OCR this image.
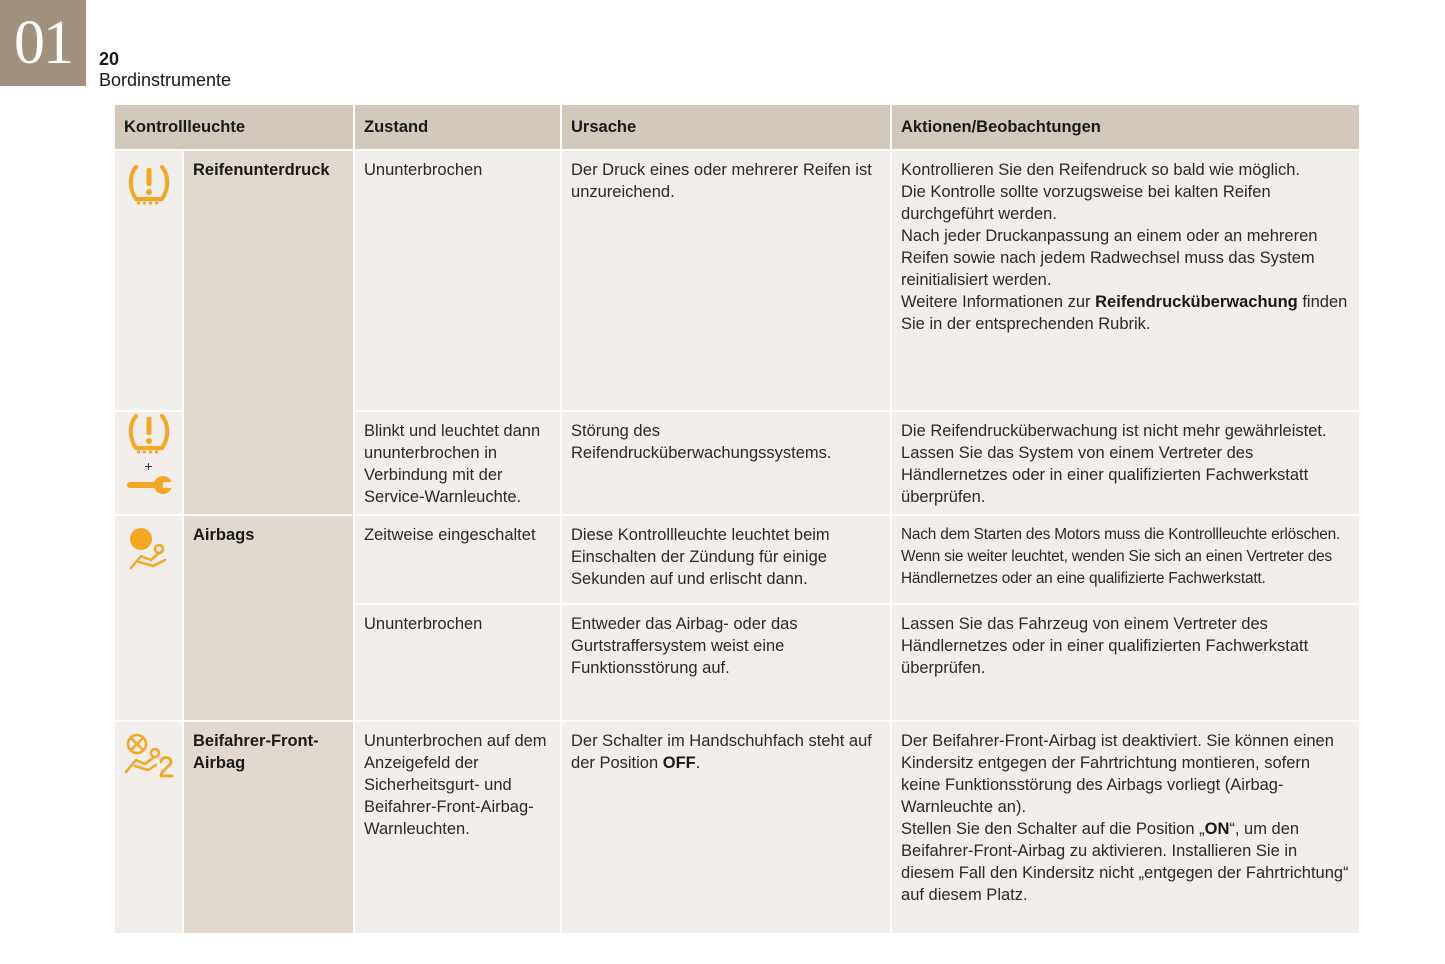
01 20
Bordinstrumente
Kontrollleuchte		Zustand	Ursache	Aktionen/Beobachtungen

	Reifenunterdruck	Ununterbrochen	Der Druck eines oder mehrerer Reifen ist unzureichend.	Kontrollieren Sie den Reifendruck so bald wie möglich.
Die Kontrolle sollte vorzugsweise bei kalten Reifen durchgeführt werden.
Nach jeder Druckanpassung an einem oder an mehreren Reifen sowie nach jedem Radwechsel muss das System reinitialisiert werden.
Weitere Informationen zur Reifendrucküberwachung finden Sie in der entsprechenden Rubrik.

+		Blinkt und leuchtet dann ununterbrochen in Verbindung mit der Service-Warnleuchte.	Störung des Reifendrucküberwachungssystems.	Die Reifendrucküberwachung ist nicht mehr gewährleistet.
Lassen Sie das System von einem Vertreter des Händlernetzes oder in einer qualifizierten Fachwerkstatt überprüfen.

	Airbags	Zeitweise eingeschaltet	Diese Kontrollleuchte leuchtet beim Einschalten der Zündung für einige Sekunden auf und erlischt dann.	Nach dem Starten des Motors muss die Kontrollleuchte erlöschen.
Wenn sie weiter leuchtet, wenden Sie sich an einen Vertreter des Händlernetzes oder an eine qualifizierte Fachwerkstatt.

		Ununterbrochen	Entweder das Airbag- oder das Gurtstraffersystem weist eine Funktionsstörung auf.	Lassen Sie das Fahrzeug von einem Vertreter des Händlernetzes oder in einer qualifizierten Fachwerkstatt überprüfen.

	Beifahrer-Front-Airbag	Ununterbrochen auf dem Anzeigefeld der Sicherheitsgurt- und Beifahrer-Front-Airbag-Warnleuchten.	Der Schalter im Handschuhfach steht auf der Position OFF.	Der Beifahrer-Front-Airbag ist deaktiviert. Sie können einen Kindersitz entgegen der Fahrtrichtung montieren, sofern keine Funktionsstörung des Airbags vorliegt (Airbag-Warnleuchte an).
Stellen Sie den Schalter auf die Position „ON“, um den Beifahrer-Front-Airbag zu aktivieren. Installieren Sie in diesem Fall den Kindersitz nicht „entgegen der Fahrtrichtung“ auf diesem Platz.
